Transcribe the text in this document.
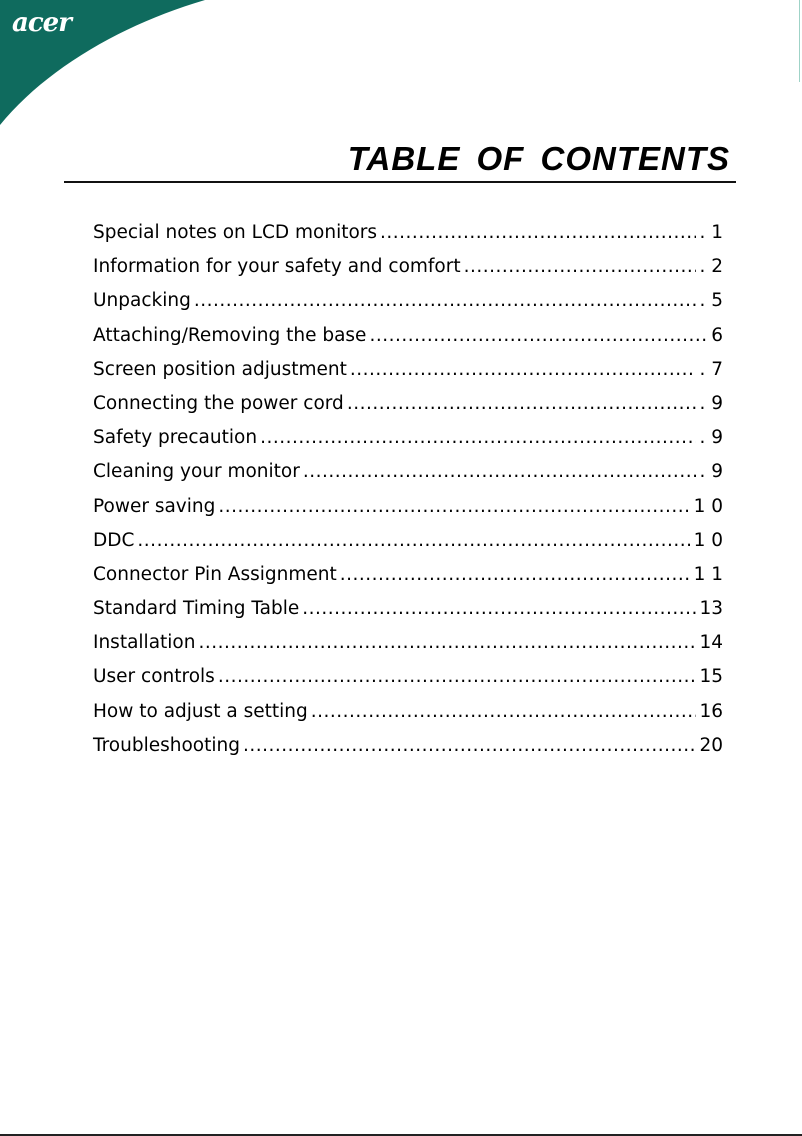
acer
TABLE OF CONTENTS
Special notes on LCD monitors .....	. 1
Information for your safety and comfort .....	. 2
Unpacking .....	. 5
Attaching/Removing the base .....	6
Screen position adjustment .....	. 7
Connecting the power cord .....	. 9
Safety precaution .....	. 9
Cleaning your monitor .....	. 9
Power saving .....	1 0
DDC .....	1 0
Connector Pin Assignment .....	1 1
Standard Timing Table .....	13
Installation .....	14
User controls .....	15
How to adjust a setting .....	16
Troubleshooting .....	20
